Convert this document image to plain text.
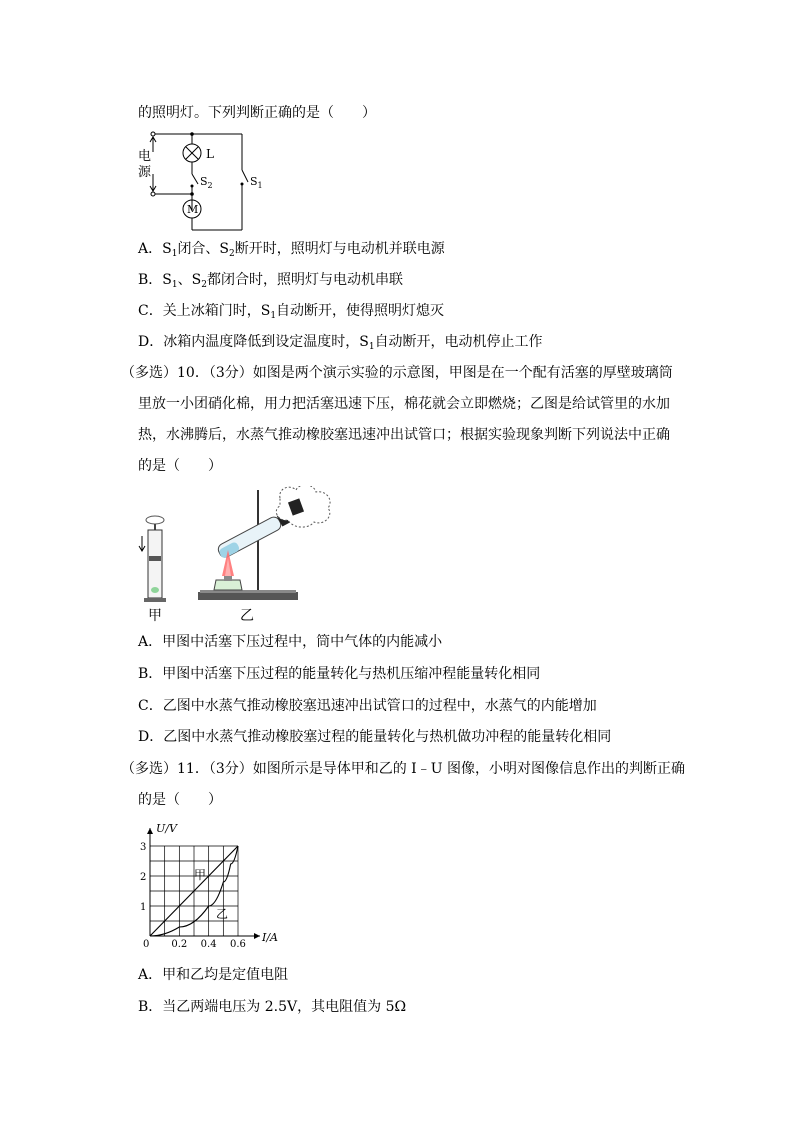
的照明灯。下列判断正确的是（　　）
电
源
L
$S_2$	$S_1$
M
A．$S_1$闭合、$S_2$断开时，照明灯与电动机并联电源
B．$S_1$、$S_2$都闭合时，照明灯与电动机串联
C．关上冰箱门时，$S_1$自动断开，使得照明灯熄灭
D．冰箱内温度降低到设定温度时，$S_1$自动断开，电动机停止工作
（多选）10．（3分）如图是两个演示实验的示意图，甲图是在一个配有活塞的厚壁玻璃筒
里放一小团硝化棉，用力把活塞迅速下压，棉花就会立即燃烧；乙图是给试管里的水加
热，水沸腾后，水蒸气推动橡胶塞迅速冲出试管口；根据实验现象判断下列说法中正确
的是（　　）
甲	乙
A．甲图中活塞下压过程中，筒中气体的内能减小
B．甲图中活塞下压过程的能量转化与热机压缩冲程能量转化相同
C．乙图中水蒸气推动橡胶塞迅速冲出试管口的过程中，水蒸气的内能增加
D．乙图中水蒸气推动橡胶塞过程的能量转化与热机做功冲程的能量转化相同
（多选）11．（3分）如图所示是导体甲和乙的 I﹣U 图像，小明对图像信息作出的判断正确
的是（　　）
0 0.2 0.4 0.6
1
2
3
I/A
U/V
甲
乙
A．甲和乙均是定值电阻
B．当乙两端电压为 2.5V，其电阻值为 5Ω
